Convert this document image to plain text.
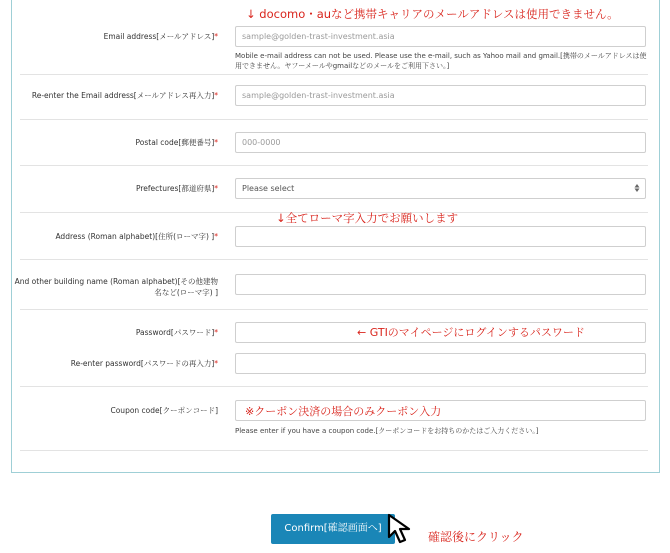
↓ docomo・auなど携帯キャリアのメールアドレスは使用できません。
Email address[メールアドレス]*	sample@golden-trast-investment.asia
Mobile e-mail address can not be used. Please use the e-mail, such as Yahoo mail and gmail.[携帯のメールアドレスは使用できません。ヤフーメールやgmailなどのメールをご利用下さい。]
Re-enter the Email address[メールアドレス再入力]*	sample@golden-trast-investment.asia
Postal code[郵便番号]*	000-0000
Prefectures[都道府県]*	Please select
↓全てローマ字入力でお願いします
Address (Roman alphabet)[住所(ローマ字) ]*
And other building name (Roman alphabet)[その他建物
名など(ローマ字) ]
Password[パスワード]*	← GTIのマイページにログインするパスワード
Re-enter password[パスワードの再入力]*
Coupon code[クーポンコード] ※クーポン決済の場合のみクーポン入力
Please enter if you have a coupon code.[クーポンコードをお持ちのかたはご入力ください。]
Confirm[確認画面へ]
確認後にクリック
